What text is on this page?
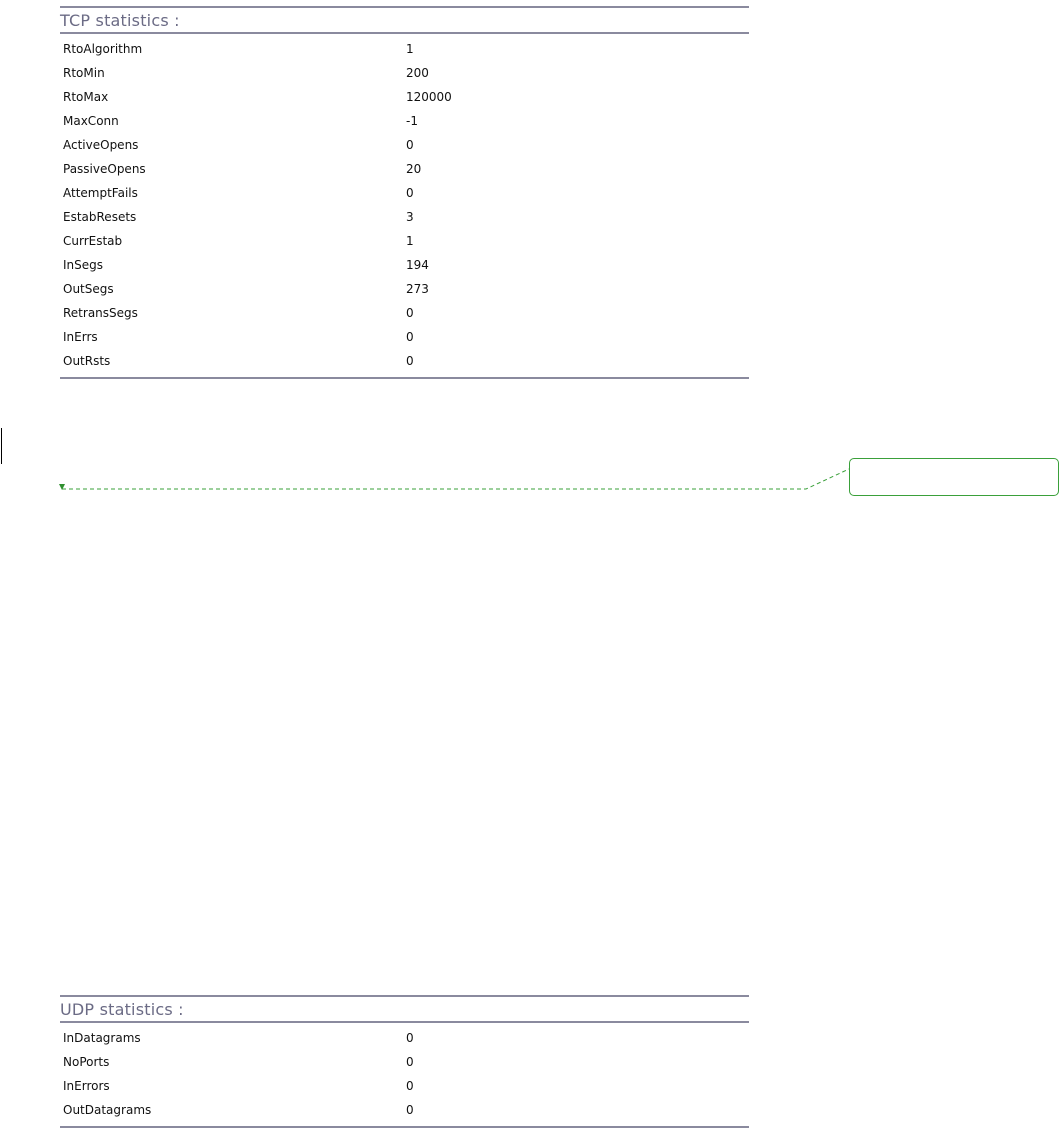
TCP statistics :
RtoAlgorithm	1
RtoMin	200
RtoMax	120000
MaxConn	-1
ActiveOpens	0
PassiveOpens	20
AttemptFails	0
EstabResets	3
CurrEstab	1
InSegs	194
OutSegs	273
RetransSegs	0
InErrs	0
OutRsts	0
UDP statistics :
InDatagrams	0
NoPorts	0
InErrors	0
OutDatagrams	0
